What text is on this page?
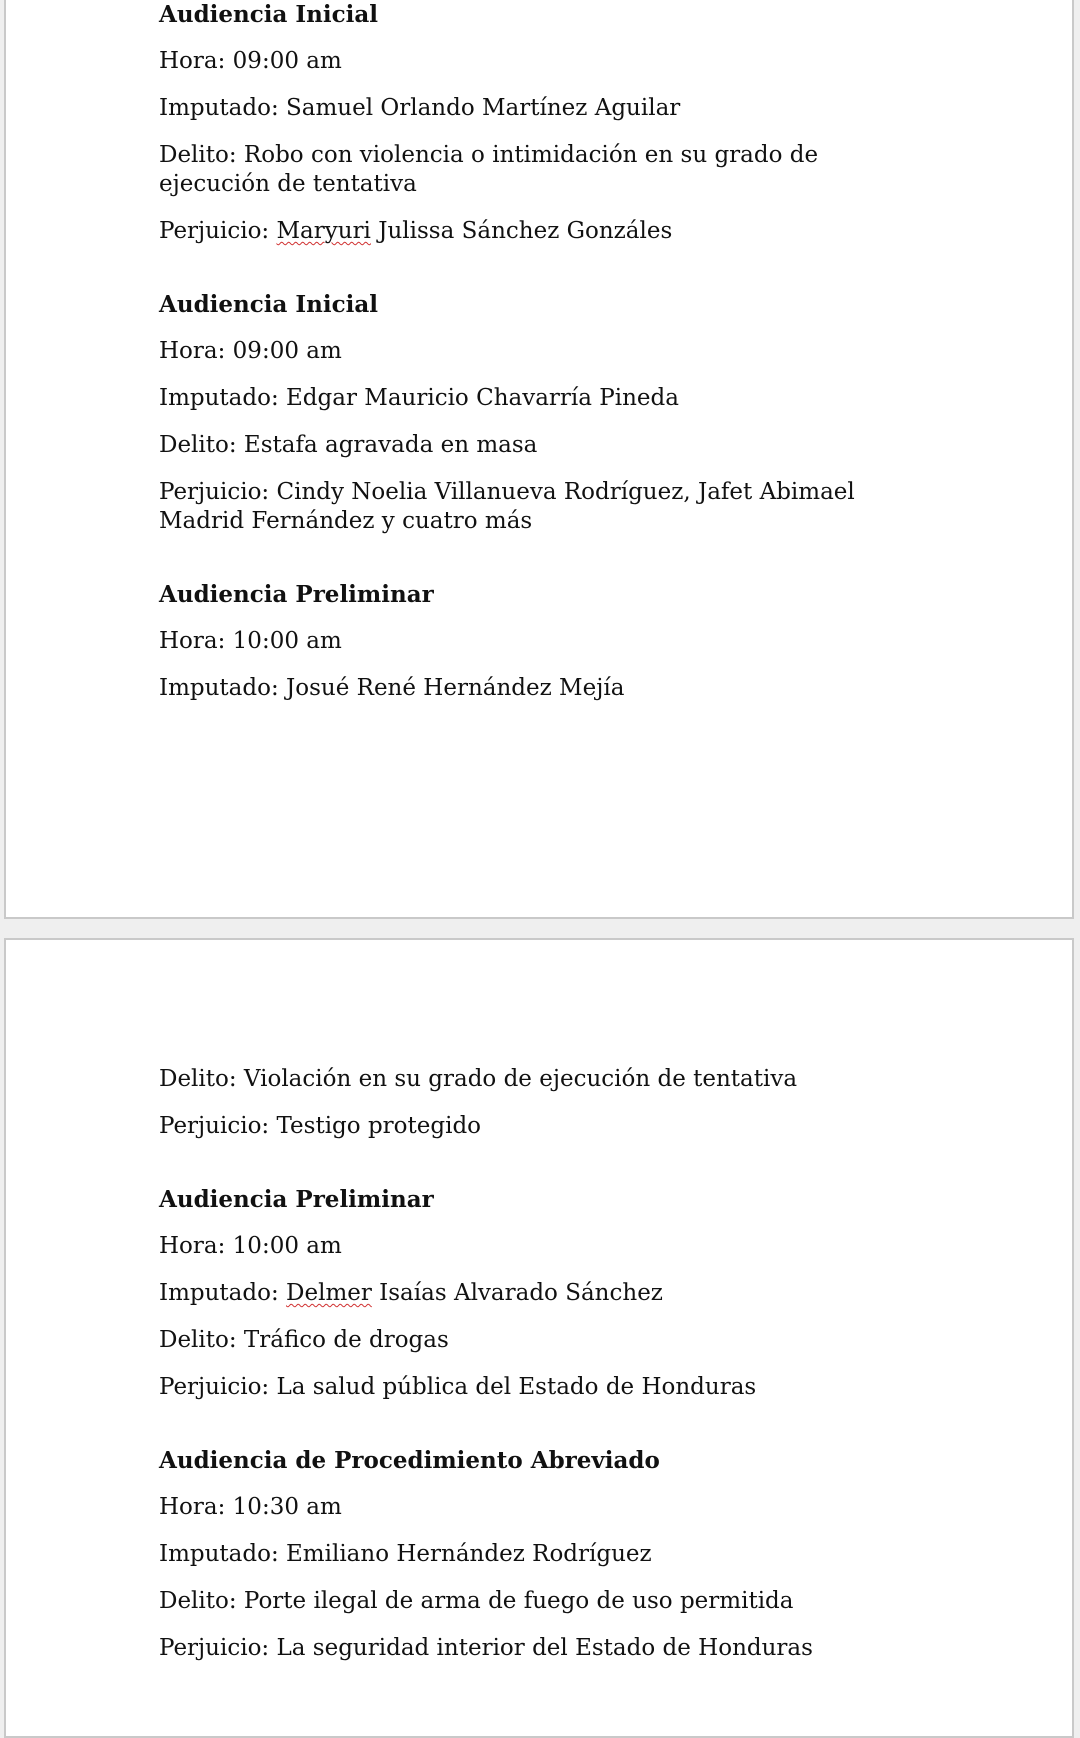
Audiencia Inicial

Hora: 09:00 am

Imputado: Samuel Orlando Martínez Aguilar

Delito: Robo con violencia o intimidación en su grado de ejecución de tentativa

Perjuicio: Maryuri Julissa Sánchez Gonzáles

Audiencia Inicial

Hora: 09:00 am

Imputado: Edgar Mauricio Chavarría Pineda

Delito: Estafa agravada en masa

Perjuicio: Cindy Noelia Villanueva Rodríguez, Jafet Abimael Madrid Fernández y cuatro más

Audiencia Preliminar

Hora: 10:00 am

Imputado: Josué René Hernández Mejía

Delito: Violación en su grado de ejecución de tentativa

Perjuicio: Testigo protegido

Audiencia Preliminar

Hora: 10:00 am

Imputado: Delmer Isaías Alvarado Sánchez

Delito: Tráfico de drogas

Perjuicio: La salud pública del Estado de Honduras

Audiencia de Procedimiento Abreviado

Hora: 10:30 am

Imputado: Emiliano Hernández Rodríguez

Delito: Porte ilegal de arma de fuego de uso permitida

Perjuicio: La seguridad interior del Estado de Honduras
